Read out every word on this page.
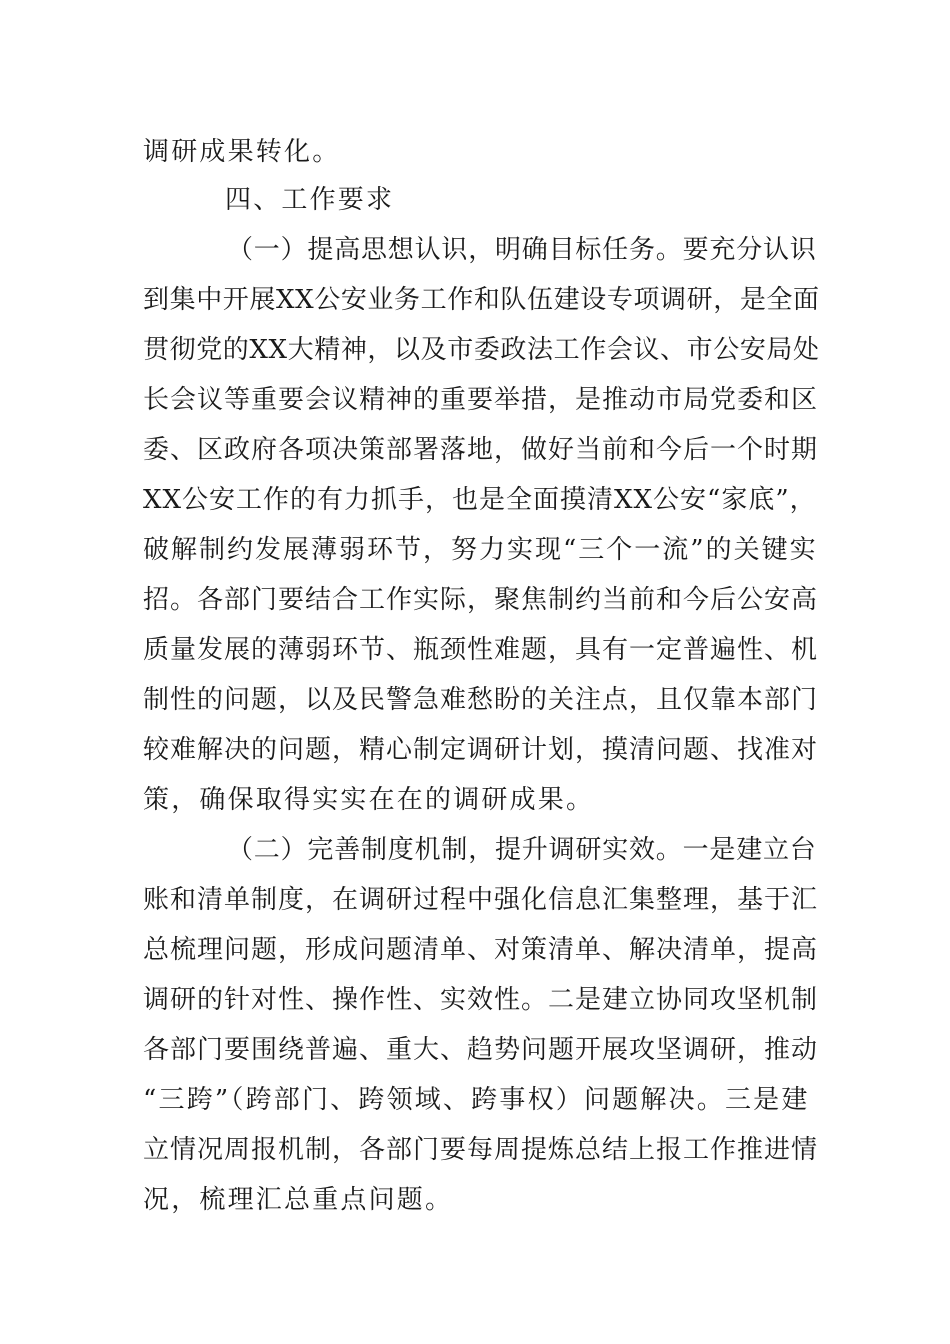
调研成果转化。
四、工作要求
（一）提高思想认识，明确目标任务。要充分认识
到集中开展XX公安业务工作和队伍建设专项调研，是全面
贯彻党的XX大精神，以及市委政法工作会议、市公安局处
长会议等重要会议精神的重要举措，是推动市局党委和区
委、区政府各项决策部署落地，做好当前和今后一个时期
XX公安工作的有力抓手，也是全面摸清XX公安“家底”，
破解制约发展薄弱环节，努力实现“三个一流”的关键实
招。各部门要结合工作实际，聚焦制约当前和今后公安高
质量发展的薄弱环节、瓶颈性难题，具有一定普遍性、机
制性的问题，以及民警急难愁盼的关注点，且仅靠本部门
较难解决的问题，精心制定调研计划，摸清问题、找准对
策，确保取得实实在在的调研成果。
（二）完善制度机制，提升调研实效。一是建立台
账和清单制度，在调研过程中强化信息汇集整理，基于汇
总梳理问题，形成问题清单、对策清单、解决清单，提高
调研的针对性、操作性、实效性。二是建立协同攻坚机制
各部门要围绕普遍、重大、趋势问题开展攻坚调研，推动
“三跨”（跨部门、跨领域、跨事权）问题解决。三是建
立情况周报机制，各部门要每周提炼总结上报工作推进情
况，梳理汇总重点问题。
